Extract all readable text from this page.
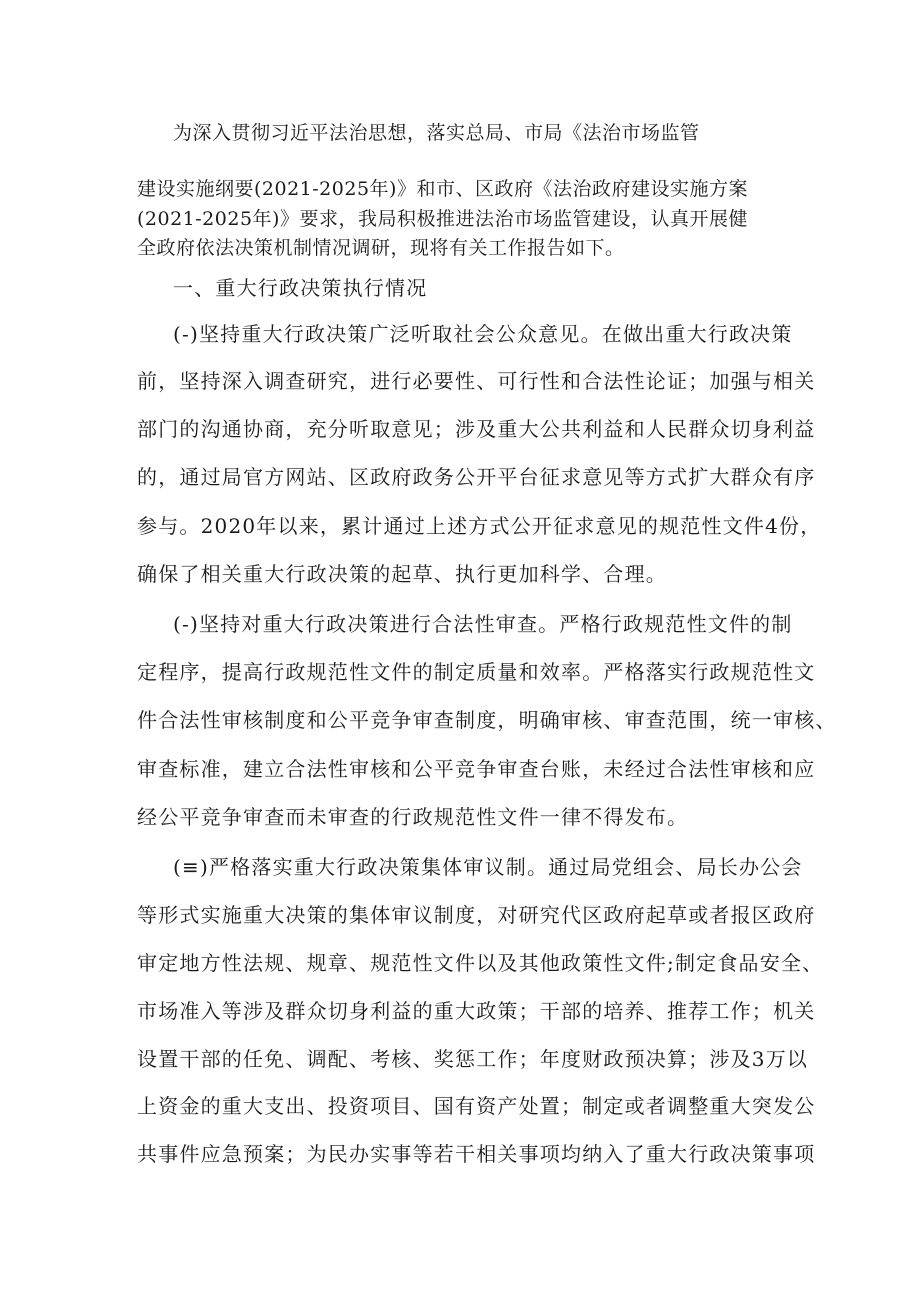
为深入贯彻习近平法治思想，落实总局、市局《法治市场监管
建设实施纲要(2021-2025年)》和市、区政府《法治政府建设实施方案
(2021-2025年)》要求，我局积极推进法治市场监管建设，认真开展健
全政府依法决策机制情况调研，现将有关工作报告如下。
一、重大行政决策执行情况
(-)坚持重大行政决策广泛听取社会公众意见。在做出重大行政决策
前，坚持深入调查研究，进行必要性、可行性和合法性论证；加强与相关
部门的沟通协商，充分听取意见；涉及重大公共利益和人民群众切身利益
的，通过局官方网站、区政府政务公开平台征求意见等方式扩大群众有序
参与。2020年以来，累计通过上述方式公开征求意见的规范性文件4份，
确保了相关重大行政决策的起草、执行更加科学、合理。
(-)坚持对重大行政决策进行合法性审查。严格行政规范性文件的制
定程序，提高行政规范性文件的制定质量和效率。严格落实行政规范性文
件合法性审核制度和公平竞争审查制度，明确审核、审查范围，统一审核、
审查标准，建立合法性审核和公平竞争审查台账，未经过合法性审核和应
经公平竞争审查而未审查的行政规范性文件一律不得发布。
(≡)严格落实重大行政决策集体审议制。通过局党组会、局长办公会
等形式实施重大决策的集体审议制度，对研究代区政府起草或者报区政府
审定地方性法规、规章、规范性文件以及其他政策性文件;制定食品安全、
市场准入等涉及群众切身利益的重大政策；干部的培养、推荐工作；机关
设置干部的任免、调配、考核、奖惩工作；年度财政预决算；涉及3万以
上资金的重大支出、投资项目、国有资产处置；制定或者调整重大突发公
共事件应急预案；为民办实事等若干相关事项均纳入了重大行政决策事项
